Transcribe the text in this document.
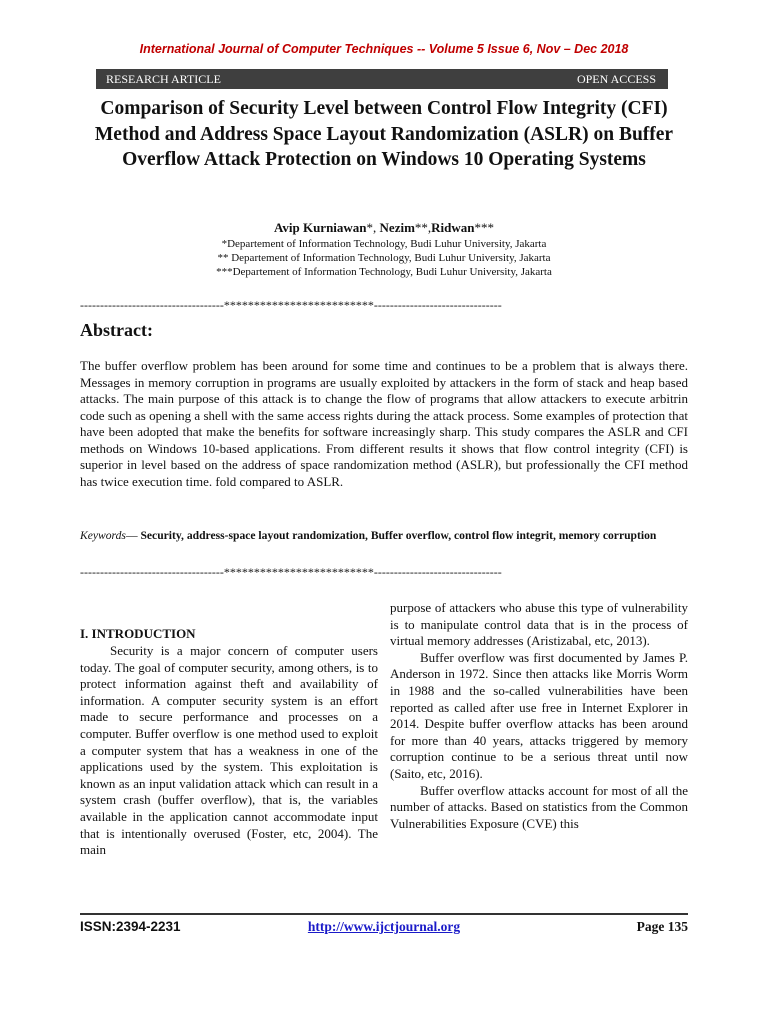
International Journal of Computer Techniques -- Volume 5 Issue 6, Nov – Dec 2018
RESEARCH ARTICLE	OPEN ACCESS
Comparison of Security Level between Control Flow Integrity (CFI) Method and Address Space Layout Randomization (ASLR) on Buffer Overflow Attack Protection on Windows 10 Operating Systems
Avip Kurniawan*, Nezim**,Ridwan***
*Departement of Information Technology, Budi Luhur University, Jakarta
** Departement of Information Technology, Budi Luhur University, Jakarta
***Departement of Information Technology, Budi Luhur University, Jakarta
------------------------------------*************************--------------------------------
Abstract:
The buffer overflow problem has been around for some time and continues to be a problem that is always there. Messages in memory corruption in programs are usually exploited by attackers in the form of stack and heap based attacks. The main purpose of this attack is to change the flow of programs that allow attackers to execute arbitrin code such as opening a shell with the same access rights during the attack process. Some examples of protection that have been adopted that make the benefits for software increasingly sharp. This study compares the ASLR and CFI methods on Windows 10-based applications. From different results it shows that flow control integrity (CFI) is superior in level based on the address of space randomization method (ASLR), but professionally the CFI method has twice execution time. fold compared to ASLR.
Keywords— Security, address-space layout randomization, Buffer overflow, control flow integrit, memory corruption
------------------------------------*************************--------------------------------
I. INTRODUCTION

Security is a major concern of computer users today. The goal of computer security, among others, is to protect information against theft and availability of information. A computer security system is an effort made to secure performance and processes on a computer. Buffer overflow is one method used to exploit a computer system that has a weakness in one of the applications used by the system. This exploitation is known as an input validation attack which can result in a system crash (buffer overflow), that is, the variables available in the application cannot accommodate input that is intentionally overused (Foster, etc, 2004). The main

purpose of attackers who abuse this type of vulnerability is to manipulate control data that is in the process of virtual memory addresses (Aristizabal, etc, 2013).

Buffer overflow was first documented by James P. Anderson in 1972. Since then attacks like Morris Worm in 1988 and the so-called vulnerabilities have been reported as called after use free in Internet Explorer in 2014. Despite buffer overflow attacks has been around for more than 40 years, attacks triggered by memory corruption continue to be a serious threat until now (Saito, etc, 2016).

Buffer overflow attacks account for most of all the number of attacks. Based on statistics from the Common Vulnerabilities Exposure (CVE) this

ISSN:2394-2231	http://www.ijctjournal.org	Page 135
